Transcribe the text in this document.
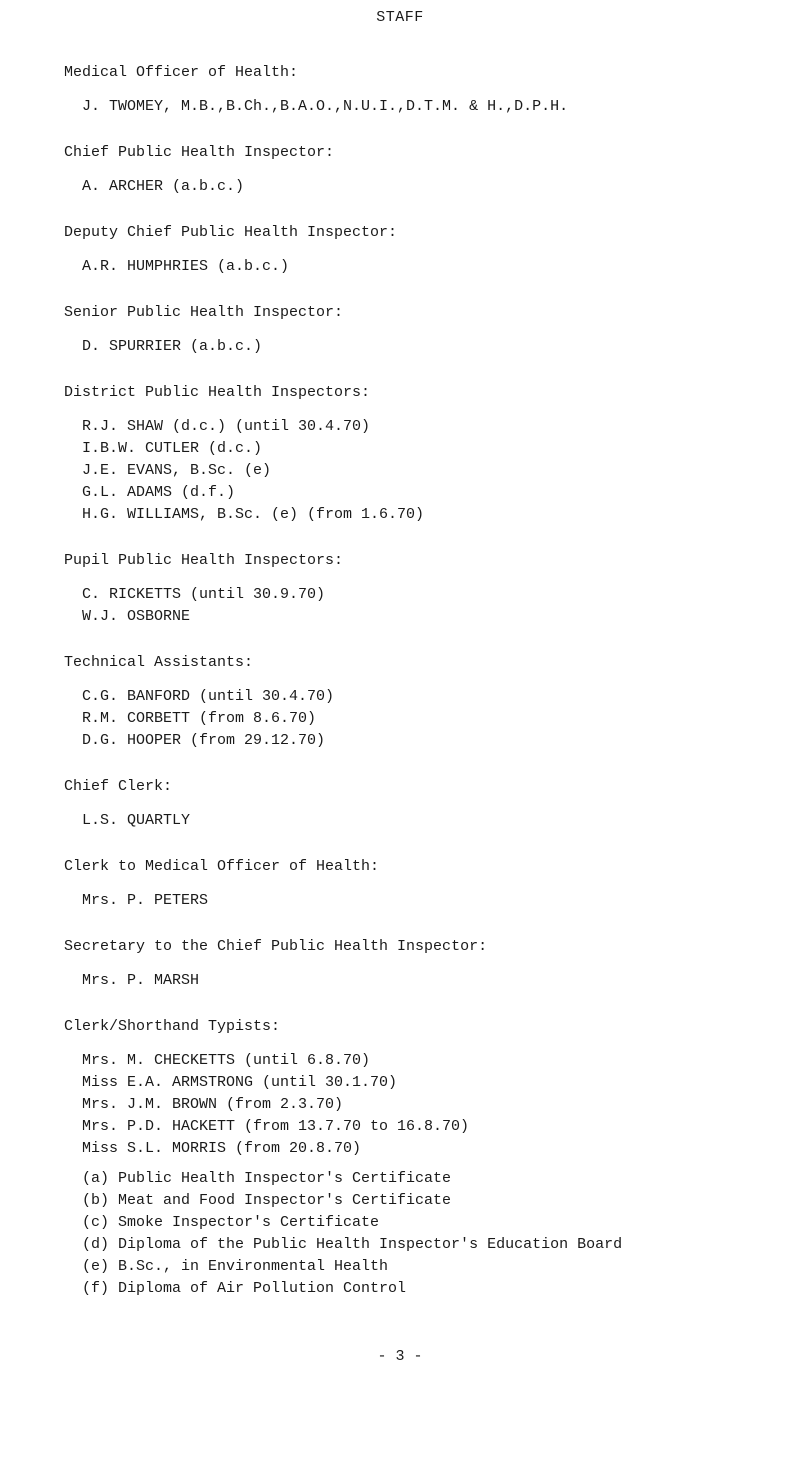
STAFF
Medical Officer of Health:
J. TWOMEY, M.B.,B.Ch.,B.A.O.,N.U.I.,D.T.M. & H.,D.P.H.
Chief Public Health Inspector:
A. ARCHER (a.b.c.)
Deputy Chief Public Health Inspector:
A.R. HUMPHRIES (a.b.c.)
Senior Public Health Inspector:
D. SPURRIER (a.b.c.)
District Public Health Inspectors:
R.J. SHAW (d.c.) (until 30.4.70)
I.B.W. CUTLER (d.c.)
J.E. EVANS, B.Sc. (e)
G.L. ADAMS (d.f.)
H.G. WILLIAMS, B.Sc. (e) (from 1.6.70)
Pupil Public Health Inspectors:
C. RICKETTS (until 30.9.70)
W.J. OSBORNE
Technical Assistants:
C.G. BANFORD (until 30.4.70)
R.M. CORBETT (from 8.6.70)
D.G. HOOPER (from 29.12.70)
Chief Clerk:
L.S. QUARTLY
Clerk to Medical Officer of Health:
Mrs. P. PETERS
Secretary to the Chief Public Health Inspector:
Mrs. P. MARSH
Clerk/Shorthand Typists:
Mrs. M. CHECKETTS (until 6.8.70)
Miss E.A. ARMSTRONG (until 30.1.70)
Mrs. J.M. BROWN (from 2.3.70)
Mrs. P.D. HACKETT (from 13.7.70 to 16.8.70)
Miss S.L. MORRIS (from 20.8.70)
(a) Public Health Inspector's Certificate
(b) Meat and Food Inspector's Certificate
(c) Smoke Inspector's Certificate
(d) Diploma of the Public Health Inspector's Education Board
(e) B.Sc., in Environmental Health
(f) Diploma of Air Pollution Control
- 3 -
